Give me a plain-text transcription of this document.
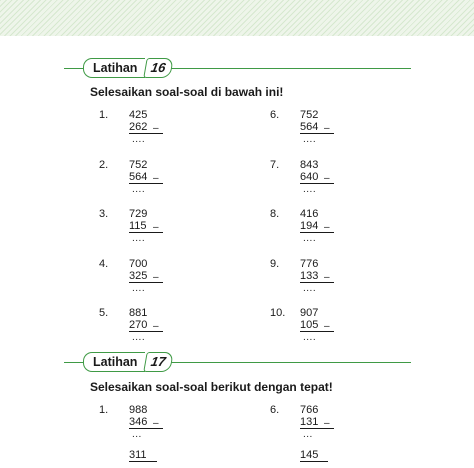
Latihan 16
Selesaikan soal-soal di bawah ini!
1.	425
262 –
....
2.	752
564 –
....
3.	729
115 –
....
4.	700
325 –
....
5.	881
270 –
....
6.	752
564 –
....
7.	843
640 –
....
8.	416
194 –
....
9.	776
133 –
....
10.	907
105 –
....
Latihan 17
Selesaikan soal-soal berikut dengan tepat!
1.	988
346 –
...
311
6.	766
131 –
...
145
